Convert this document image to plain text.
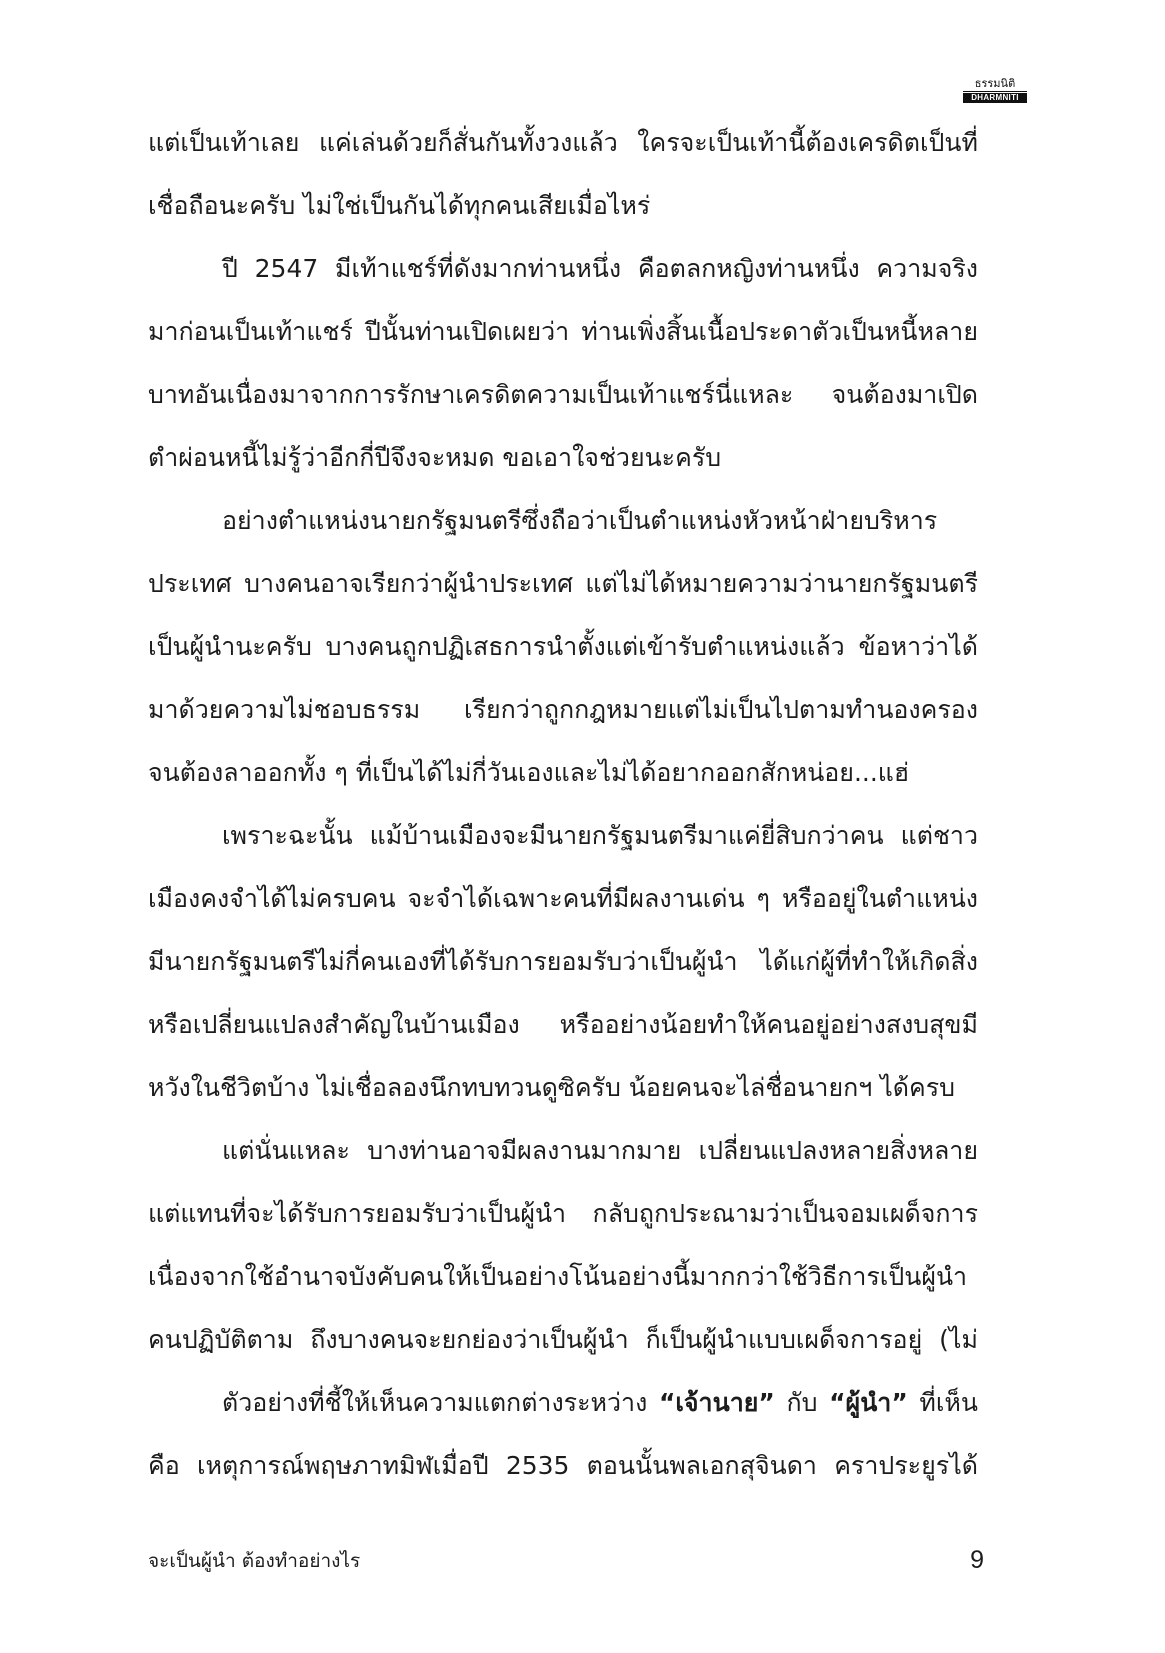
ธรรมนิติ
DHARMNITI
แต่เป็นเท้าเลย แค่เล่นด้วยก็สั่นกันทั้งวงแล้ว ใครจะเป็นเท้านี้ต้องเครดิตเป็นที่
เชื่อถือนะครับ ไม่ใช่เป็นกันได้ทุกคนเสียเมื่อไหร่
ปี 2547 มีเท้าแชร์ที่ดังมากท่านหนึ่ง คือตลกหญิงท่านหนึ่ง ความจริง
มาก่อนเป็นเท้าแชร์ ปีนั้นท่านเปิดเผยว่า ท่านเพิ่งสิ้นเนื้อประดาตัวเป็นหนี้หลาย
บาทอันเนื่องมาจากการรักษาเครดิตความเป็นเท้าแชร์นี่แหละ จนต้องมาเปิด
ตำผ่อนหนี้ไม่รู้ว่าอีกกี่ปีจึงจะหมด ขอเอาใจช่วยนะครับ
อย่างตำแหน่งนายกรัฐมนตรีซึ่งถือว่าเป็นตำแหน่งหัวหน้าฝ่ายบริหาร
ประเทศ บางคนอาจเรียกว่าผู้นำประเทศ แต่ไม่ได้หมายความว่านายกรัฐมนตรี
เป็นผู้นำนะครับ บางคนถูกปฏิเสธการนำตั้งแต่เข้ารับตำแหน่งแล้ว ข้อหาว่าได้
มาด้วยความไม่ชอบธรรม เรียกว่าถูกกฎหมายแต่ไม่เป็นไปตามทำนองครอง
จนต้องลาออกทั้ง ๆ ที่เป็นได้ไม่กี่วันเองและไม่ได้อยากออกสักหน่อย...แฮ่
เพราะฉะนั้น แม้บ้านเมืองจะมีนายกรัฐมนตรีมาแค่ยี่สิบกว่าคน แต่ชาว
เมืองคงจำได้ไม่ครบคน จะจำได้เฉพาะคนที่มีผลงานเด่น ๆ หรืออยู่ในตำแหน่ง
มีนายกรัฐมนตรีไม่กี่คนเองที่ได้รับการยอมรับว่าเป็นผู้นำ ได้แก่ผู้ที่ทำให้เกิดสิ่ง
หรือเปลี่ยนแปลงสำคัญในบ้านเมือง หรืออย่างน้อยทำให้คนอยู่อย่างสงบสุขมี
หวังในชีวิตบ้าง ไม่เชื่อลองนึกทบทวนดูซิครับ น้อยคนจะไล่ชื่อนายกฯ ได้ครบ
แต่นั่นแหละ บางท่านอาจมีผลงานมากมาย เปลี่ยนแปลงหลายสิ่งหลาย
แต่แทนที่จะได้รับการยอมรับว่าเป็นผู้นำ กลับถูกประณามว่าเป็นจอมเผด็จการ
เนื่องจากใช้อำนาจบังคับคนให้เป็นอย่างโน้นอย่างนี้มากกว่าใช้วิธีการเป็นผู้นำ
คนปฏิบัติตาม ถึงบางคนจะยกย่องว่าเป็นผู้นำ ก็เป็นผู้นำแบบเผด็จการอยู่ (ไม่
ตัวอย่างที่ชี้ให้เห็นความแตกต่างระหว่าง “เจ้านาย” กับ “ผู้นำ” ที่เห็น
คือ เหตุการณ์พฤษภาทมิฬเมื่อปี 2535 ตอนนั้นพลเอกสุจินดา คราประยูรได้
จะเป็นผู้นำ ต้องทำอย่างไร	9
